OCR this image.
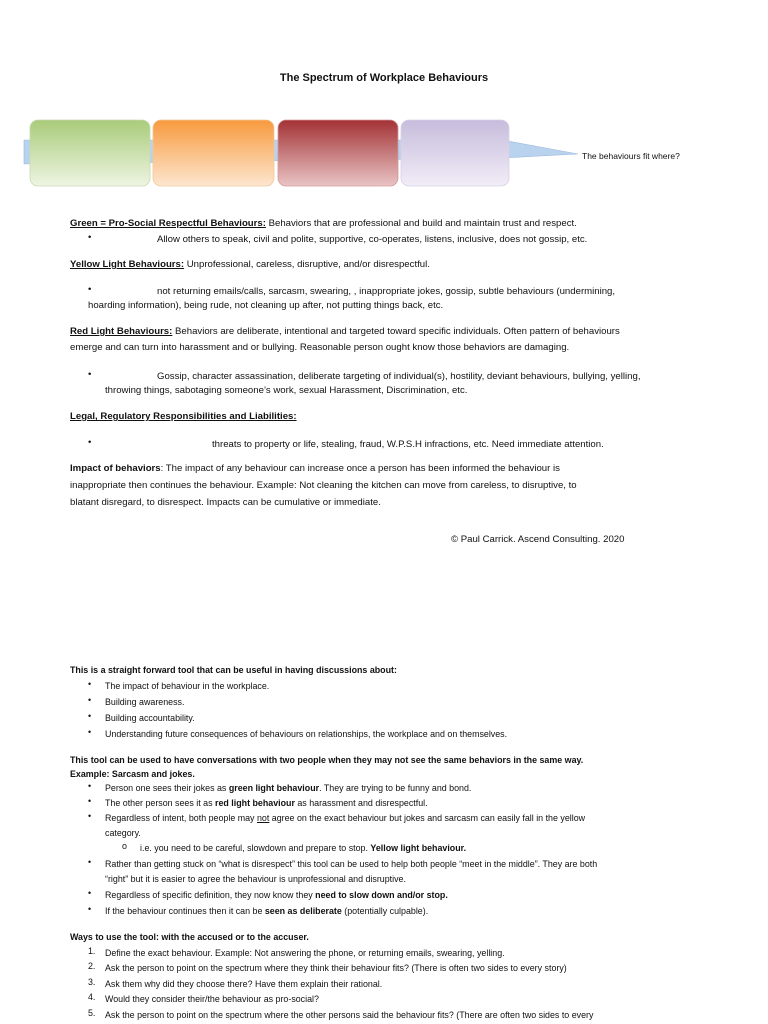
The Spectrum of Workplace Behaviours
The behaviours fit where?
Green = Pro-Social Respectful Behaviours: Behaviors that are professional and build and maintain trust and respect.
•	Allow others to speak, civil and polite, supportive, co-operates, listens, inclusive, does not gossip, etc.
Yellow Light Behaviours: Unprofessional, careless, disruptive, and/or disrespectful.
•	not returning emails/calls, sarcasm, swearing, , inappropriate jokes, gossip, subtle behaviours (undermining,
hoarding information), being rude, not cleaning up after, not putting things back, etc.
Red Light Behaviours: Behaviors are deliberate, intentional and targeted toward specific individuals. Often pattern of behaviours
emerge and can turn into harassment and or bullying. Reasonable person ought know those behaviors are damaging.
•	Gossip, character assassination, deliberate targeting of individual(s), hostility, deviant behaviours, bullying, yelling,
throwing things, sabotaging someone’s work, sexual Harassment, Discrimination, etc.
Legal, Regulatory Responsibilities and Liabilities:
•	threats to property or life, stealing, fraud, W.P.S.H infractions, etc. Need immediate attention.
Impact of behaviors: The impact of any behaviour can increase once a person has been informed the behaviour is
inappropriate then continues the behaviour. Example: Not cleaning the kitchen can move from careless, to disruptive, to
blatant disregard, to disrespect. Impacts can be cumulative or immediate.
© Paul Carrick. Ascend Consulting. 2020
This is a straight forward tool that can be useful in having discussions about:
• The impact of behaviour in the workplace.
• Building awareness.
• Building accountability.
• Understanding future consequences of behaviours on relationships, the workplace and on themselves.
This tool can be used to have conversations with two people when they may not see the same behaviors in the same way.
Example: Sarcasm and jokes.
• Person one sees their jokes as green light behaviour. They are trying to be funny and bond.
• The other person sees it as red light behaviour as harassment and disrespectful.
• Regardless of intent, both people may not agree on the exact behaviour but jokes and sarcasm can easily fall in the yellow
category.
o i.e. you need to be careful, slowdown and prepare to stop. Yellow light behaviour.
• Rather than getting stuck on “what is disrespect” this tool can be used to help both people “meet in the middle”. They are both
“right” but it is easier to agree the behaviour is unprofessional and disruptive.
• Regardless of specific definition, they now know they need to slow down and/or stop.
• If the behaviour continues then it can be seen as deliberate (potentially culpable).
Ways to use the tool: with the accused or to the accuser.
1. Define the exact behaviour. Example: Not answering the phone, or returning emails, swearing, yelling.
2. Ask the person to point on the spectrum where they think their behaviour fits? (There is often two sides to every story)
3. Ask them why did they choose there? Have them explain their rational.
4. Would they consider their/the behaviour as pro-social?
5. Ask the person to point on the spectrum where the other persons said the behaviour fits? (There are often two sides to every
